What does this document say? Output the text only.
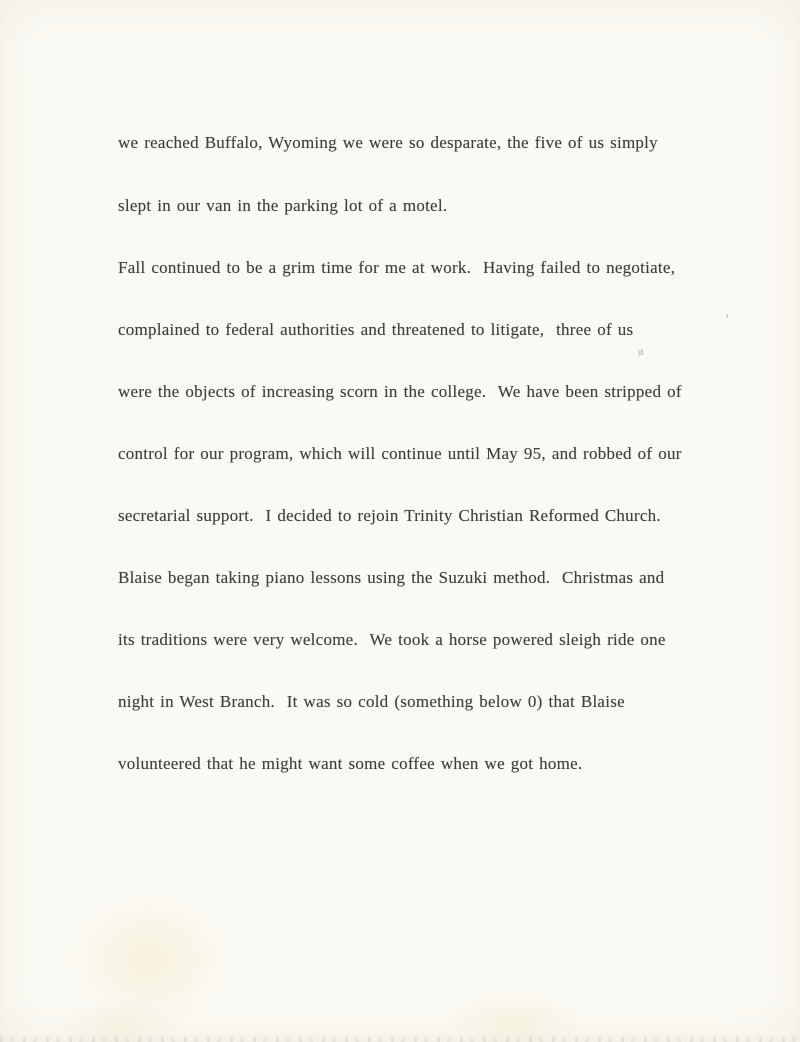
we reached Buffalo, Wyoming we were so desparate, the five of us simply

slept in our van in the parking lot of a motel.

Fall continued to be a grim time for me at work.  Having failed to negotiate,

complained to federal authorities and threatened to litigate,  three of us

were the objects of increasing scorn in the college.  We have been stripped of

control for our program, which will continue until May 95, and robbed of our

secretarial support.  I decided to rejoin Trinity Christian Reformed Church.

Blaise began taking piano lessons using the Suzuki method.  Christmas and

its traditions were very welcome.  We took a horse powered sleigh ride one

night in West Branch.  It was so cold (something below 0) that Blaise

volunteered that he might want some coffee when we got home.

’
ø
